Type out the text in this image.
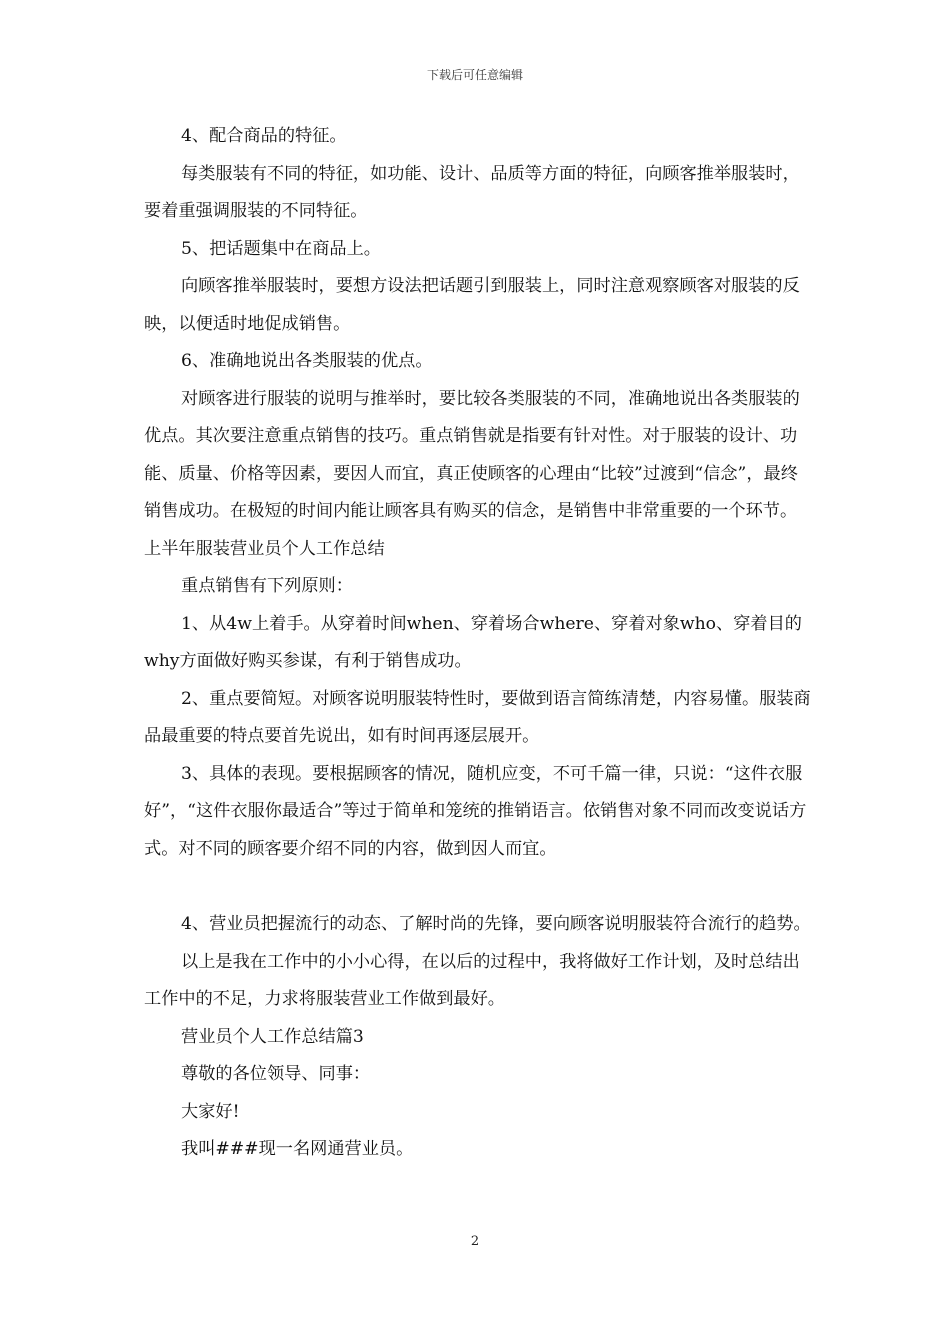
下载后可任意编辑

4、配合商品的特征。

每类服装有不同的特征，如功能、设计、品质等方面的特征，向顾客推举服装时，要着重强调服装的不同特征。

5、把话题集中在商品上。

向顾客推举服装时，要想方设法把话题引到服装上，同时注意观察顾客对服装的反映，以便适时地促成销售。

6、准确地说出各类服装的优点。

对顾客进行服装的说明与推举时，要比较各类服装的不同，准确地说出各类服装的优点。其次要注意重点销售的技巧。重点销售就是指要有针对性。对于服装的设计、功能、质量、价格等因素，要因人而宜，真正使顾客的心理由“比较”过渡到“信念”，最终销售成功。在极短的时间内能让顾客具有购买的信念，是销售中非常重要的一个环节。上半年服装营业员个人工作总结

重点销售有下列原则：

1、从4w上着手。从穿着时间when、穿着场合where、穿着对象who、穿着目的why方面做好购买参谋，有利于销售成功。

2、重点要简短。对顾客说明服装特性时，要做到语言简练清楚，内容易懂。服装商品最重要的特点要首先说出，如有时间再逐层展开。

3、具体的表现。要根据顾客的情况，随机应变，不可千篇一律，只说：“这件衣服好”，“这件衣服你最适合”等过于简单和笼统的推销语言。依销售对象不同而改变说话方式。对不同的顾客要介绍不同的内容，做到因人而宜。

4、营业员把握流行的动态、了解时尚的先锋，要向顾客说明服装符合流行的趋势。

以上是我在工作中的小小心得，在以后的过程中，我将做好工作计划，及时总结出工作中的不足，力求将服装营业工作做到最好。

营业员个人工作总结篇3

尊敬的各位领导、同事：

大家好!

我叫###现一名网通营业员。

2
